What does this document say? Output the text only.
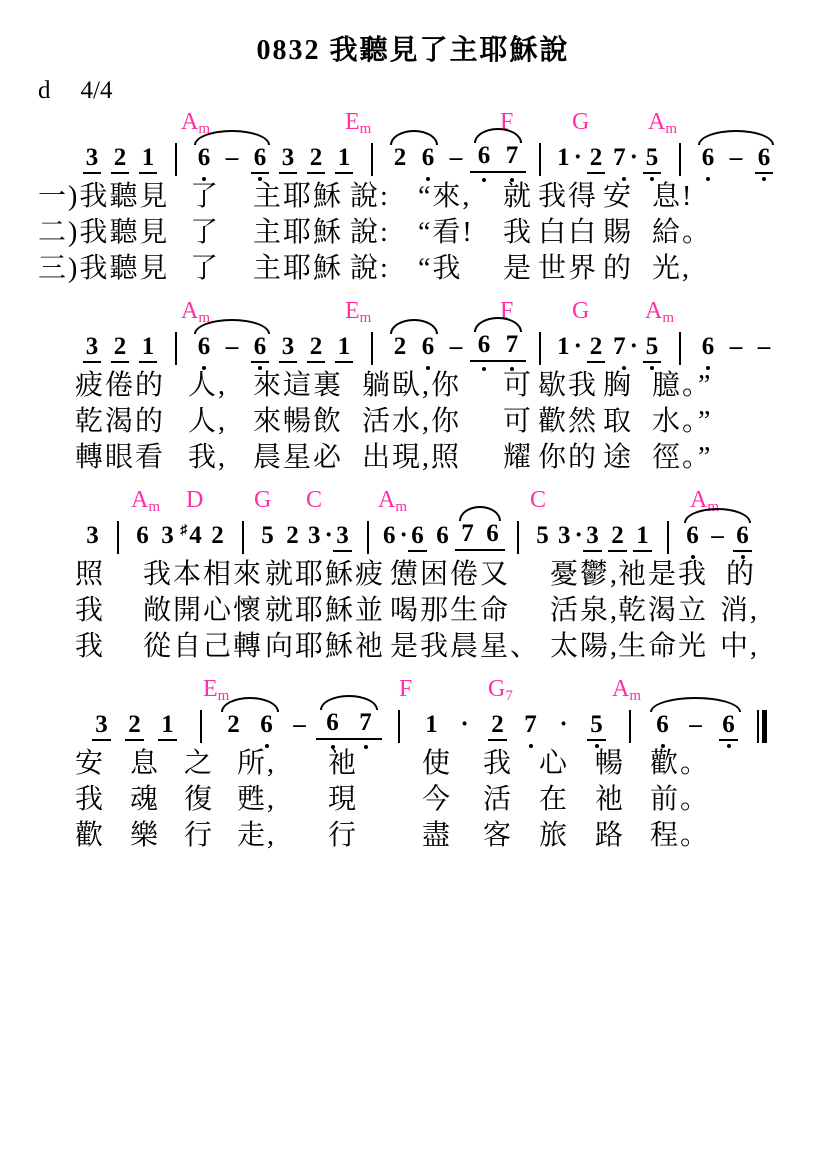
0832 我聽見了主耶穌說
d 4/4
$A_m$	$E_m$	F G $A_m$
3 2 1 6 – 6 3 2 1 2 6 – 6 7 1 · 2 7 · 5 6 – 6
一)我聽見 了 主耶穌 說: “來, 就 我得 安 息!
二)我聽見 了 主耶穌 說: “看! 我 白白 賜 給。
三)我聽見 了 主耶穌 說: “我 是 世界 的 光,
$A_m$	$E_m$	F G $A_m$
3 2 1 6 – 6 3 2 1 2 6 – 6 7 1 · 2 7 · 5 6 – –
疲倦的 人, 來這裏 躺臥,你 可 歇我 胸 臆。”
乾渴的 人, 來暢飲 活水,你 可 歡然 取 水。”
轉眼看 我, 晨星必 出現,照 耀 你的 途 徑。”
$A_m$ D G C $A_m$	C	$A_m$
3 6 3 ♯4 2 5 2 3 · 3 6 · 6 6 7 6 5 3 · 3 2 1 6 – 6
照 我本相來 就耶穌疲 憊困倦又 憂鬱,
祂是我 的
我 敞開心懷 就耶穌並 喝那生命 活泉,
乾渴立 消,
我 從自己轉 向耶穌祂 是我晨星、 太陽,
生命光 中,
$E_m$	F	$G_7$	$A_m$
3 2 1 2 6 – 6 7 1 · 2 7 · 5 6 – 6
安 息 之 所, 祂 使 我 心 暢 歡。
我 魂 復 甦, 現 今 活 在 祂 前。
歡 樂 行 走, 行 盡 客 旅 路 程。
